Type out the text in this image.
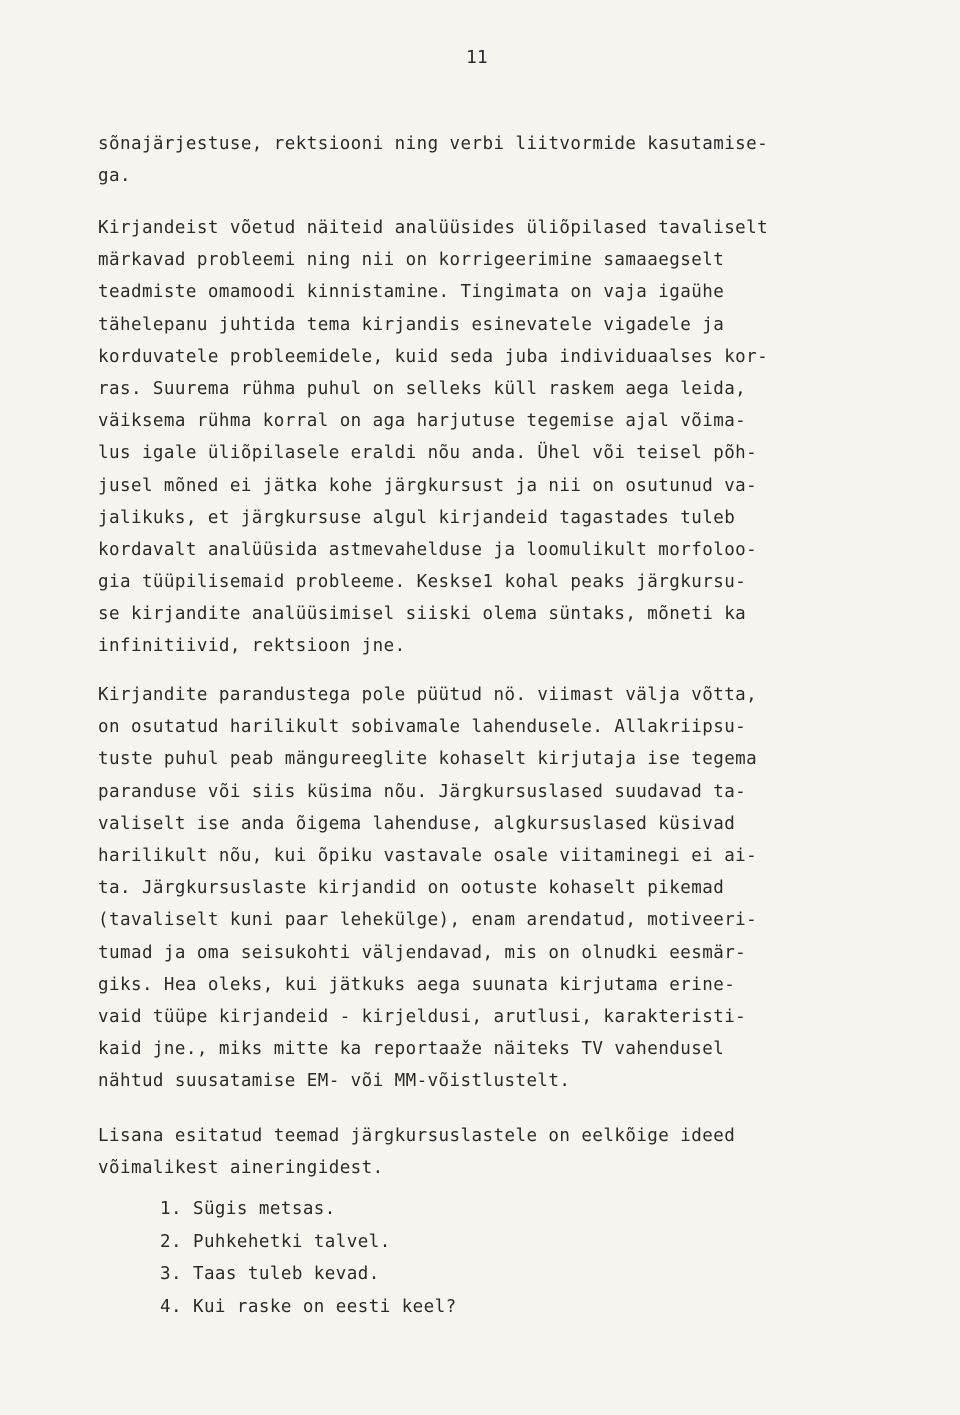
11
sõnajärjestuse, rektsiooni ning verbi liitvormide kasutamise-
ga.
Kirjandeist võetud näiteid analüüsides üliõpilased tavaliselt
märkavad probleemi ning nii on korrigeerimine samaaegselt
teadmiste omamoodi kinnistamine. Tingimata on vaja igaühe
tähelepanu juhtida tema kirjandis esinevatele vigadele ja
korduvatele probleemidele, kuid seda juba individuaalses kor-
ras. Suurema rühma puhul on selleks küll raskem aega leida,
väiksema rühma korral on aga harjutuse tegemise ajal võima-
lus igale üliõpilasele eraldi nõu anda. Ühel või teisel põh-
jusel mõned ei jätka kohe järgkursust ja nii on osutunud va-
jalikuks, et järgkursuse algul kirjandeid tagastades tuleb
kordavalt analüüsida astmevahelduse ja loomulikult morfoloo-
gia tüüpilisemaid probleeme. Keskse1 kohal peaks järgkursu-
se kirjandite analüüsimisel siiski olema süntaks, mõneti ka
infinitiivid, rektsioon jne.
Kirjandite parandustega pole püütud nö. viimast välja võtta,
on osutatud harilikult sobivamale lahendusele. Allakriipsu-
tuste puhul peab mängureeglite kohaselt kirjutaja ise tegema
paranduse või siis küsima nõu. Järgkursuslased suudavad ta-
valiselt ise anda õigema lahenduse, algkursuslased küsivad
harilikult nõu, kui õpiku vastavale osale viitaminegi ei ai-
ta. Järgkursuslaste kirjandid on ootuste kohaselt pikemad
(tavaliselt kuni paar lehekülge), enam arendatud, motiveeri-
tumad ja oma seisukohti väljendavad, mis on olnudki eesmär-
giks. Hea oleks, kui jätkuks aega suunata kirjutama erine-
vaid tüüpe kirjandeid - kirjeldusi, arutlusi, karakteristi-
kaid jne., miks mitte ka reportaaže näiteks TV vahendusel
nähtud suusatamise EM- või MM-võistlustelt.
Lisana esitatud teemad järgkursuslastele on eelkõige ideed
võimalikest aineringidest.
1. Sügis metsas.
2. Puhkehetki talvel.
3. Taas tuleb kevad.
4. Kui raske on eesti keel?
